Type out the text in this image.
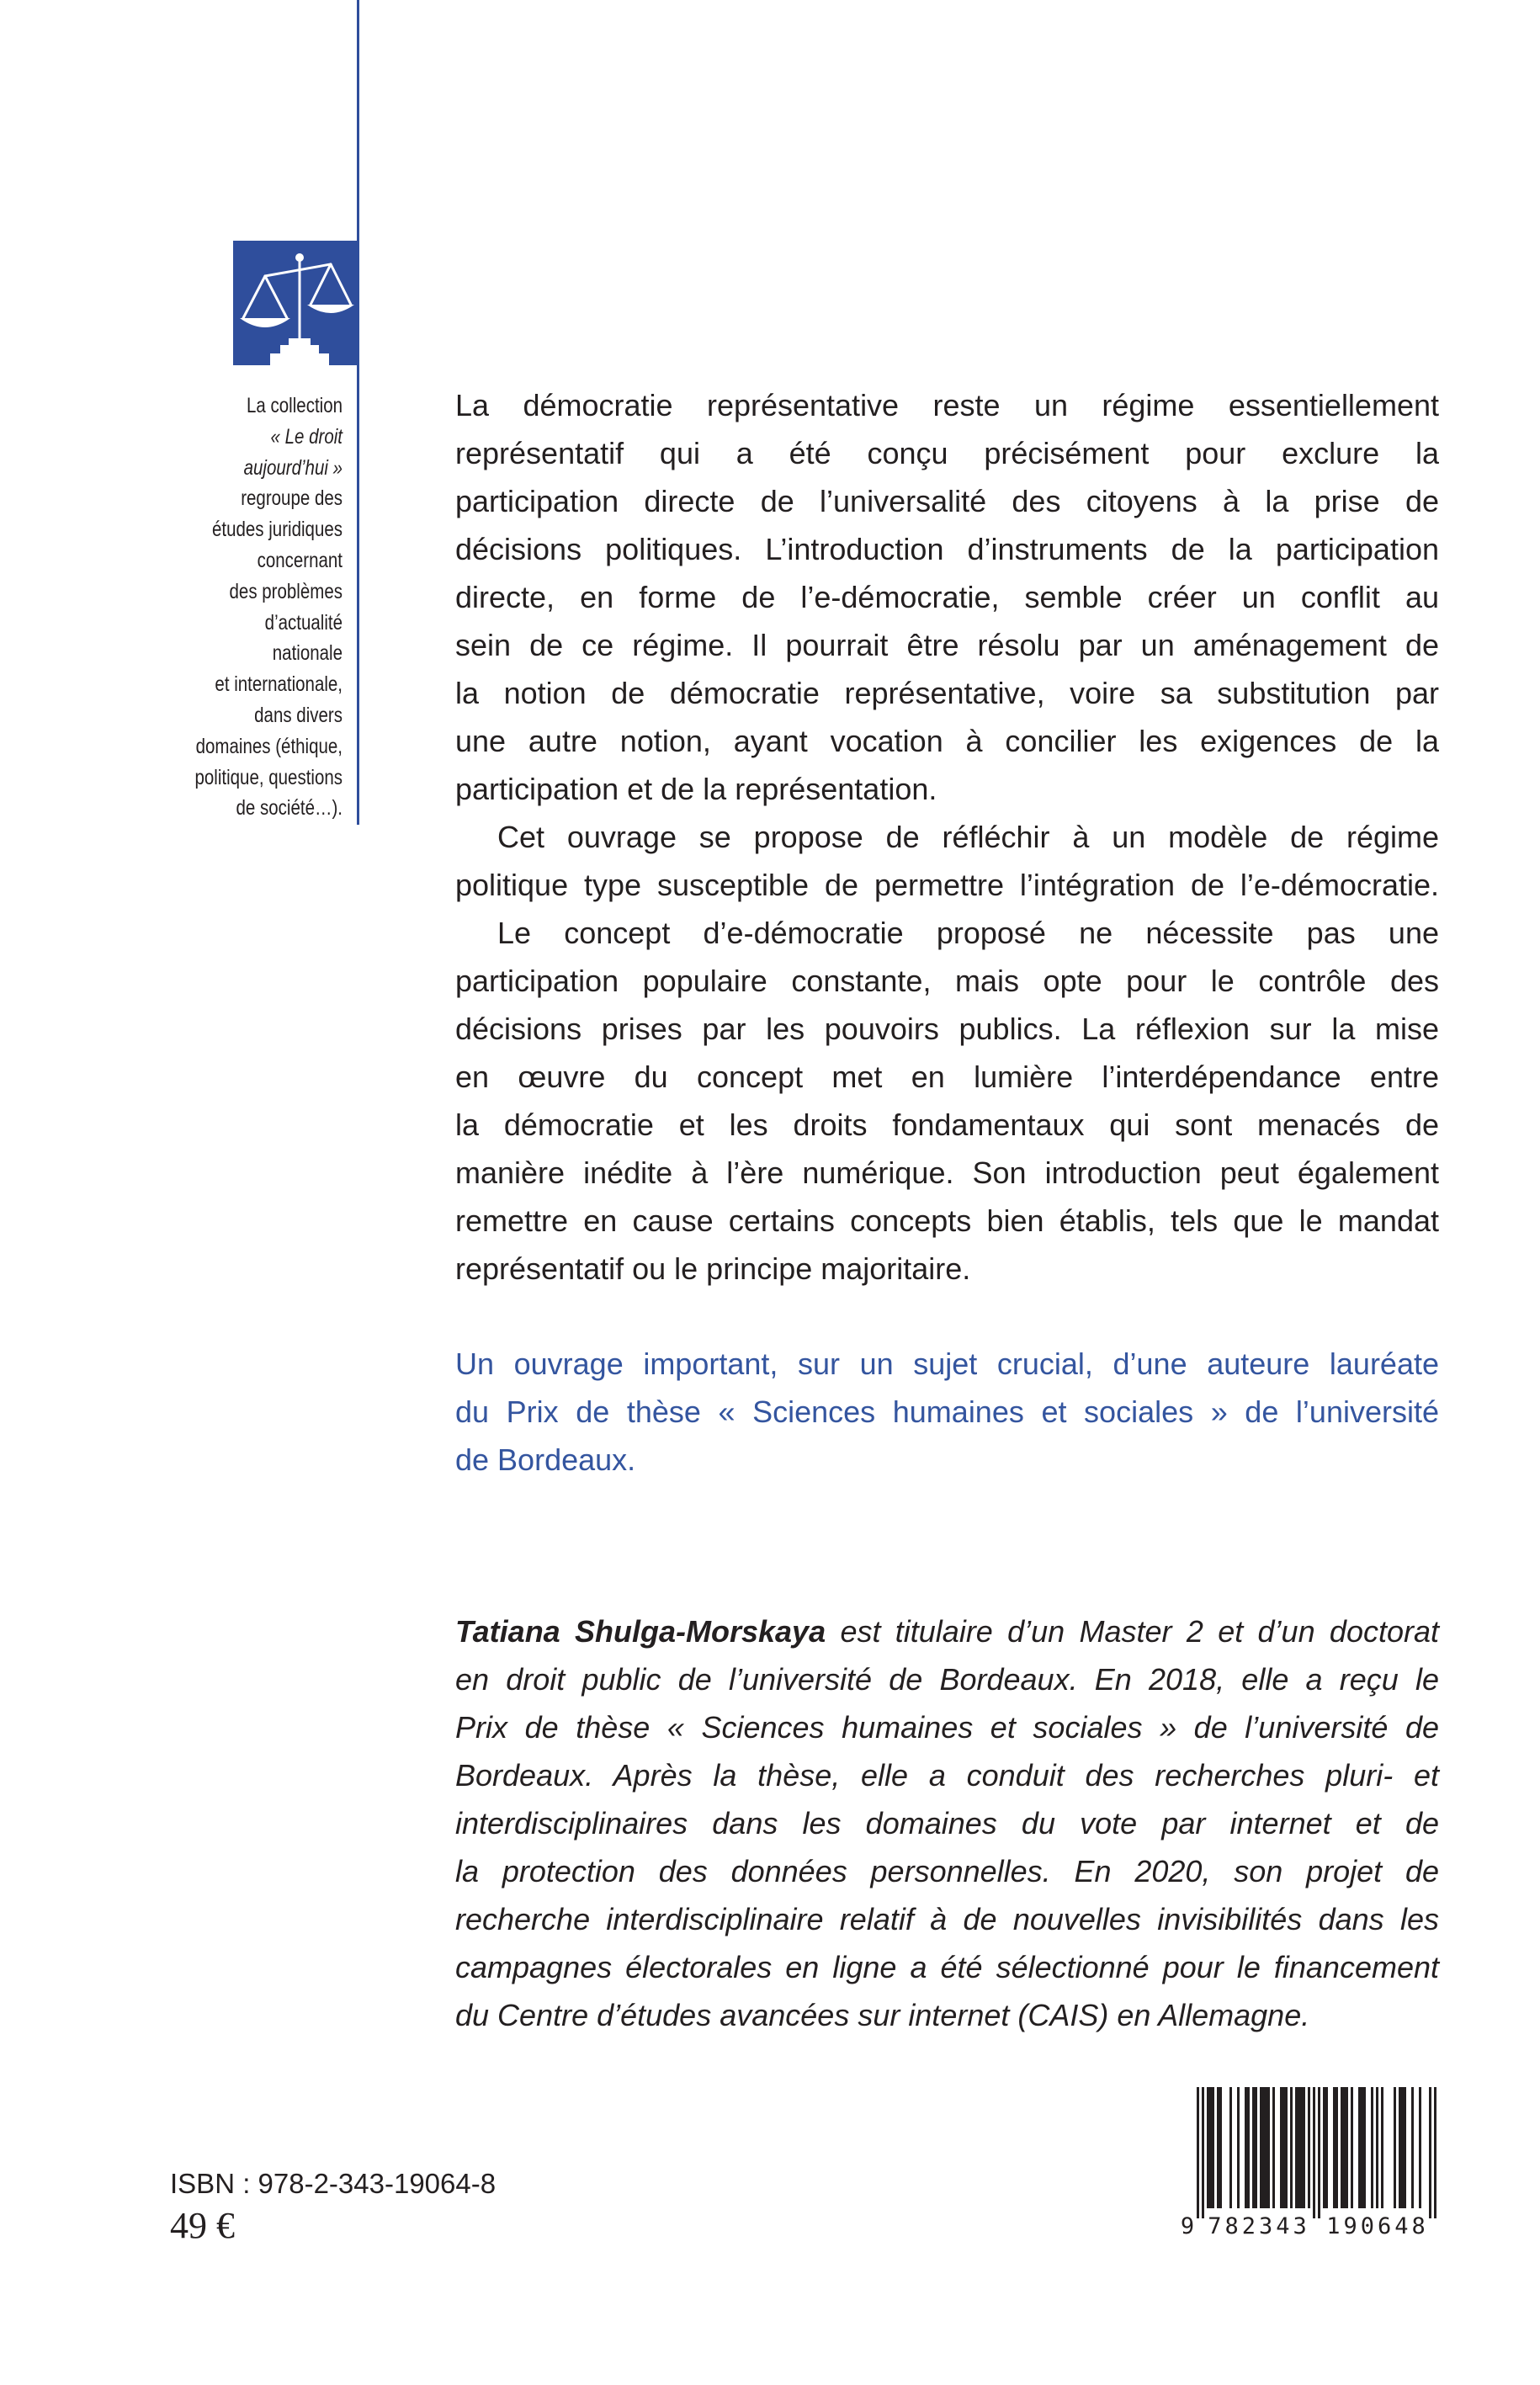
La collection
« Le droit
aujourd’hui »
regroupe des
études juridiques
concernant
des problèmes
d’actualité
nationale
et internationale,
dans divers
domaines (éthique,
politique, questions
de société…).
La démocratie représentative reste un régime essentiellement
représentatif qui a été conçu précisément pour exclure la
participation directe de l’universalité des citoyens à la prise de
décisions politiques. L’introduction d’instruments de la participation
directe, en forme de l’e-démocratie, semble créer un conflit au
sein de ce régime. Il pourrait être résolu par un aménagement de
la notion de démocratie représentative, voire sa substitution par
une autre notion, ayant vocation à concilier les exigences de la
participation et de la représentation.
Cet ouvrage se propose de réfléchir à un modèle de régime
politique type susceptible de permettre l’intégration de l’e-démocratie.
Le concept d’e-démocratie proposé ne nécessite pas une
participation populaire constante, mais opte pour le contrôle des
décisions prises par les pouvoirs publics. La réflexion sur la mise
en œuvre du concept met en lumière l’interdépendance entre
la démocratie et les droits fondamentaux qui sont menacés de
manière inédite à l’ère numérique. Son introduction peut également
remettre en cause certains concepts bien établis, tels que le mandat
représentatif ou le principe majoritaire.
Un ouvrage important, sur un sujet crucial, d’une auteure lauréate
du Prix de thèse « Sciences humaines et sociales » de l’université
de Bordeaux.
Tatiana Shulga-Morskaya est titulaire d’un Master 2 et d’un doctorat
en droit public de l’université de Bordeaux. En 2018, elle a reçu le
Prix de thèse « Sciences humaines et sociales » de l’université de
Bordeaux. Après la thèse, elle a conduit des recherches pluri- et
interdisciplinaires dans les domaines du vote par internet et de
la protection des données personnelles. En 2020, son projet de
recherche interdisciplinaire relatif à de nouvelles invisibilités dans les
campagnes électorales en ligne a été sélectionné pour le financement
du Centre d’études avancées sur internet (CAIS) en Allemagne.
ISBN : 978-2-343-19064-8
49 €	9 782343 190648
